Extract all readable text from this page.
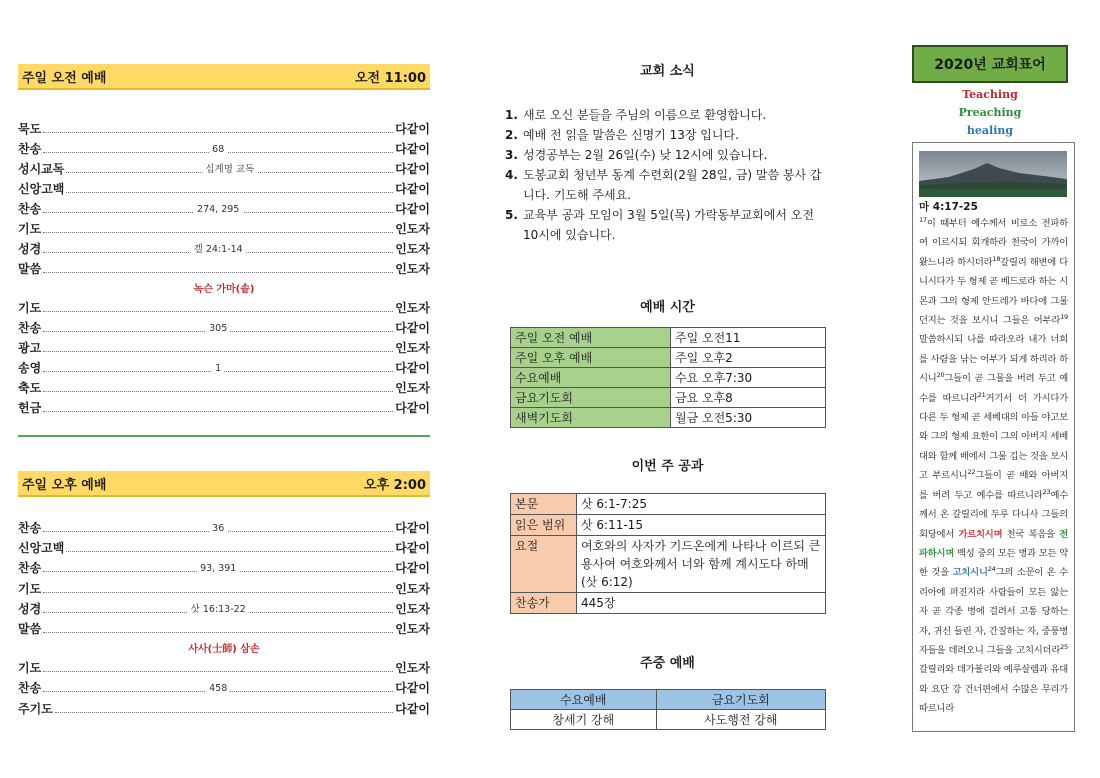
주일 오전 예배	오전 11:00
묵도	다같이
찬송	68	다같이
성시교독	십계명 교독	다같이
신앙고백	다같이
찬송	274, 295	다같이
기도	인도자
성경	겔 24:1-14	인도자
말씀	인도자
녹슨 가마(솥)
기도	인도자
찬송	305	다같이
광고	인도자
송영	1	다같이
축도	인도자
헌금	다같이
주일 오후 예배	오후 2:00
찬송	36	다같이
신앙고백	다같이
찬송	93, 391	다같이
기도	인도자
성경	삿 16:13-22	인도자
말씀	인도자
사사(士師) 삼손
기도	인도자
찬송	458	다같이
주기도	다같이
교회 소식
1. 새로 오신 분들을 주님의 이름으로 환영합니다.
2. 예배 전 읽을 말씀은 신명기 13장 입니다.
3. 성경공부는 2월 26일(수) 낮 12시에 있습니다.
4. 도봉교회 청년부 동계 수련회(2월 28일, 금) 말씀 봉사 갑니다. 기도해 주세요.
5. 교육부 공과 모임이 3월 5일(목) 가락동부교회에서 오전 10시에 있습니다.
예배 시간
주일 오전 예배	주일 오전11
주일 오후 예배	주일 오후2
수요예배	수요 오후7:30
금요기도회	금요 오후8
새벽기도회	월금 오전5:30
이번 주 공과
본문	삿 6:1-7:25
읽은 범위	삿 6:11-15
요절	여호와의 사자가 기드온에게 나타나 이르되 큰 용사여 여호와께서 너와 함께 계시도다 하매(삿 6:12)
찬송가	445장
주중 예배
수요예배	금요기도회
창세기 강해	사도행전 강해
2020년 교회표어
Teaching
Preaching
healing
마 4:17-25
$^{17}$이 때부터 예수께서 비로소 전파하여 이르시되 회개하라 천국이 가까이 왔느니라 하시더라$^{18}$갈릴리 해변에 다니시다가 두 형제 곧 베드로라 하는 시몬과 그의 형제 안드레가 바다에 그물 던지는 것을 보시니 그들은 어부라$^{19}$말씀하시되 나를 따라오라 내가 너희를 사람을 낚는 어부가 되게 하리라 하시니$^{20}$그들이 곧 그물을 버려 두고 예수를 따르니라$^{21}$거기서 더 가시다가 다른 두 형제 곧 세베대의 아들 야고보와 그의 형제 요한이 그의 아버지 세베대와 함께 배에서 그물 깁는 것을 보시고 부르시니$^{22}$그들이 곧 배와 아버지를 버려 두고 예수를 따르니라$^{23}$예수께서 온 갈릴리에 두루 다니사 그들의 회당에서 가르치시며 천국 복음을 전파하시며 백성 중의 모든 병과 모든 약한 것을 고치시니$^{24}$그의 소문이 온 수리아에 퍼진지라 사람들이 모든 앓는 자 곧 각종 병에 걸려서 고통 당하는 자, 귀신 들린 자, 간질하는 자, 중풍병자들을 데려오니 그들을 고치시더라$^{25}$갈릴리와 데가볼리와 예루살렘과 유대와 요단 강 건너편에서 수많은 무리가 따르니라
